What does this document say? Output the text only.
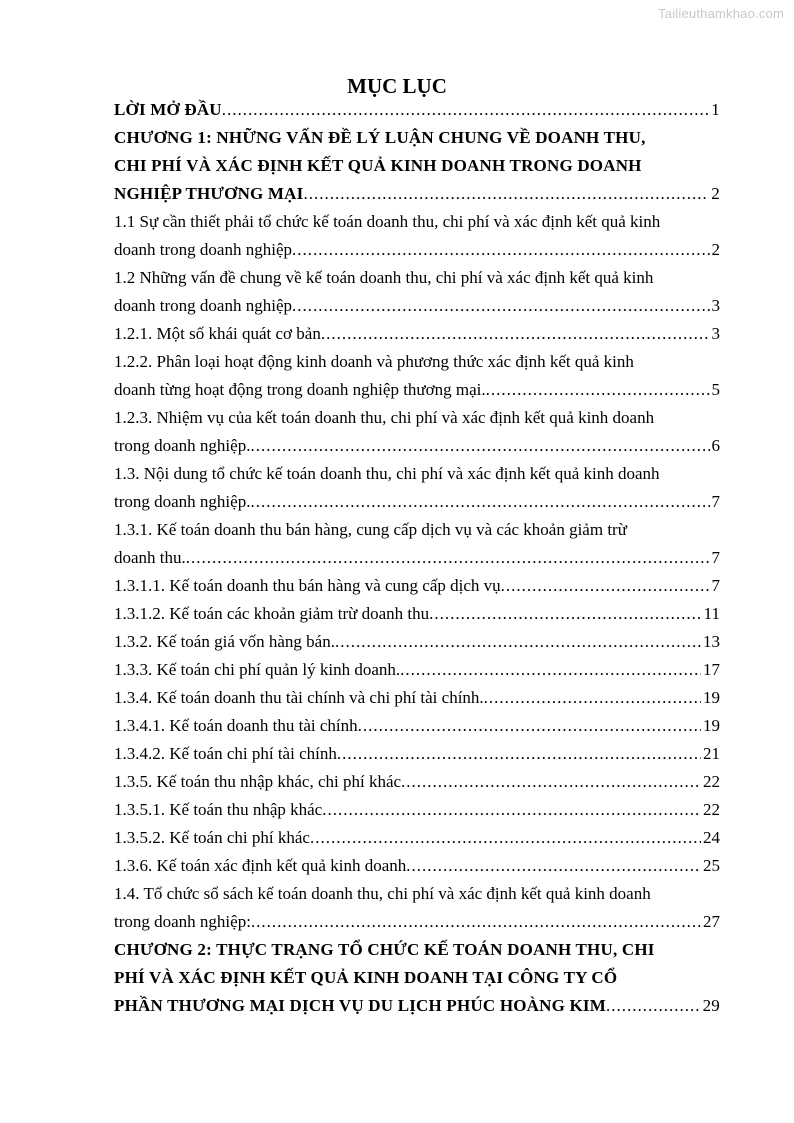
Tailieuthamkhao.com
MỤC LỤC
LỜI MỞ ĐẦU .....	1
CHƯƠNG 1: NHỮNG VẤN ĐỀ LÝ LUẬN CHUNG VỀ DOANH THU,
CHI PHÍ VÀ XÁC ĐỊNH KẾT QUẢ KINH DOANH TRONG DOANH
NGHIỆP THƯƠNG MẠI .....	2
1.1 Sự cần thiết phải tổ chức kế toán doanh thu, chi phí và xác định kết quả kinh
doanh trong doanh nghiệp .....	2
1.2 Những vấn đề chung về kế toán doanh thu, chi phí và xác định kết quả kinh
doanh trong doanh nghiệp .....	3
1.2.1. Một số khái quát cơ bản .....	3
1.2.2. Phân loại hoạt động kinh doanh và phương thức xác định kết quả kinh
doanh từng hoạt động trong doanh nghiệp thương mại. .....	5
1.2.3. Nhiệm vụ của kết toán doanh thu, chi phí và xác định kết quả kinh doanh
trong doanh nghiệp. .....	6
1.3. Nội dung tổ chức kế toán doanh thu, chi phí và xác định kết quả kinh doanh
trong doanh nghiệp. .....	7
1.3.1. Kế toán doanh thu bán hàng, cung cấp dịch vụ và các khoản giảm trừ
doanh thu. .....	7
1.3.1.1. Kế toán doanh thu bán hàng và cung cấp dịch vụ .....	7
1.3.1.2. Kế toán các khoản giảm trừ doanh thu .....	11
1.3.2. Kế toán giá vốn hàng bán. .....	13
1.3.3. Kế toán chi phí quản lý kinh doanh. .....	17
1.3.4. Kế toán doanh thu tài chính và chi phí tài chính. .....	19
1.3.4.1. Kế toán doanh thu tài chính .....	19
1.3.4.2. Kế toán chi phí tài chính .....	21
1.3.5. Kế toán thu nhập khác, chi phí khác .....	22
1.3.5.1. Kế toán thu nhập khác .....	22
1.3.5.2. Kế toán chi phí khác .....	24
1.3.6. Kế toán xác định kết quả kinh doanh .....	25
1.4. Tổ chức sổ sách kế toán doanh thu, chi phí và xác định kết quả kinh doanh
trong doanh nghiệp: .....	27
CHƯƠNG 2: THỰC TRẠNG TỔ CHỨC KẾ TOÁN DOANH THU, CHI
PHÍ VÀ XÁC ĐỊNH KẾT QUẢ KINH DOANH TẠI CÔNG TY CỔ
PHẦN THƯƠNG MẠI DỊCH VỤ DU LỊCH PHÚC HOÀNG KIM .....	29
